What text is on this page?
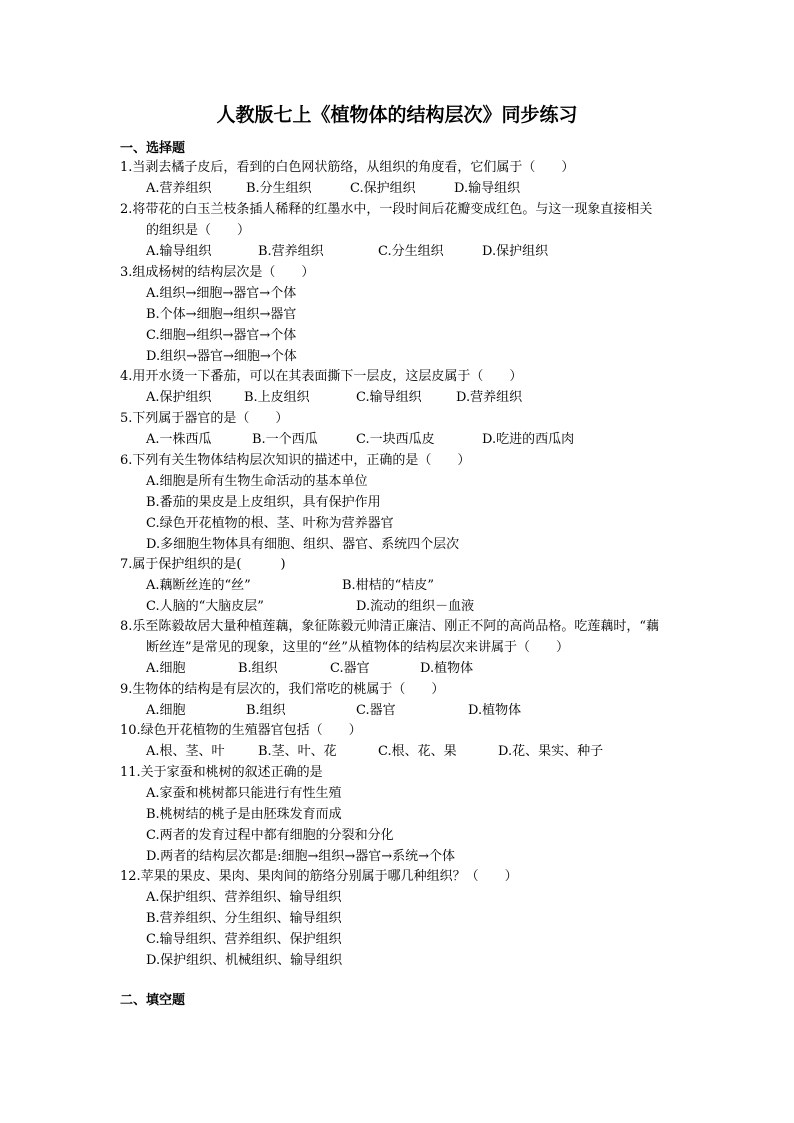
人教版七上《植物体的结构层次》同步练习
一、选择题
1.当剥去橘子皮后，看到的白色网状筋络，从组织的角度看，它们属于（　　）
A.营养组织	B.分生组织	C.保护组织	D.输导组织
2.将带花的白玉兰枝条插人稀释的红墨水中，一段时间后花瓣变成红色。与这一现象直接相关
的组织是（　　）
A.输导组织	B.营养组织	C.分生组织	D.保护组织
3.组成杨树的结构层次是（　　）
A.组织→细胞→器官→个体
B.个体→细胞→组织→器官
C.细胞→组织→器官→个体
D.组织→器官→细胞→个体
4.用开水烫一下番茄，可以在其表面撕下一层皮，这层皮属于（　　）
A.保护组织 B.上皮组织	C.输导组织	D.营养组织
5.下列属于器官的是（　　）
A.一株西瓜	B.一个西瓜	C.一块西瓜皮	D.吃进的西瓜肉
6.下列有关生物体结构层次知识的描述中，正确的是（　　）
A.细胞是所有生物生命活动的基本单位
B.番茄的果皮是上皮组织，具有保护作用
C.绿色开花植物的根、茎、叶称为营养器官
D.多细胞生物体具有细胞、组织、器官、系统四个层次
7.属于保护组织的是(　　　)
A.藕断丝连的“丝”	B.柑桔的“桔皮”
C.人脑的“大脑皮层”	D.流动的组织－血液
8.乐至陈毅故居大量种植莲藕，象征陈毅元帅清正廉洁、刚正不阿的高尚品格。吃莲藕时，“藕
断丝连”是常见的现象，这里的“丝”从植物体的结构层次来讲属于（　　）
A.细胞	B.组织	C.器官	D.植物体
9.生物体的结构是有层次的，我们常吃的桃属于（　　）
A.细胞	B.组织	C.器官	D.植物体
10.绿色开花植物的生殖器官包括（　　）
A.根、茎、叶	B.茎、叶、花	C.根、花、果	D.花、果实、种子
11.关于家蚕和桃树的叙述正确的是
A.家蚕和桃树都只能进行有性生殖
B.桃树结的桃子是由胚珠发育而成
C.两者的发育过程中都有细胞的分裂和分化
D.两者的结构层次都是:细胞→组织→器官→系统→个体
12.苹果的果皮、果肉、果肉间的筋络分别属于哪几种组织？（　　）
A.保护组织、营养组织、输导组织
B.营养组织、分生组织、输导组织
C.输导组织、营养组织、保护组织
D.保护组织、机械组织、输导组织
二、填空题
